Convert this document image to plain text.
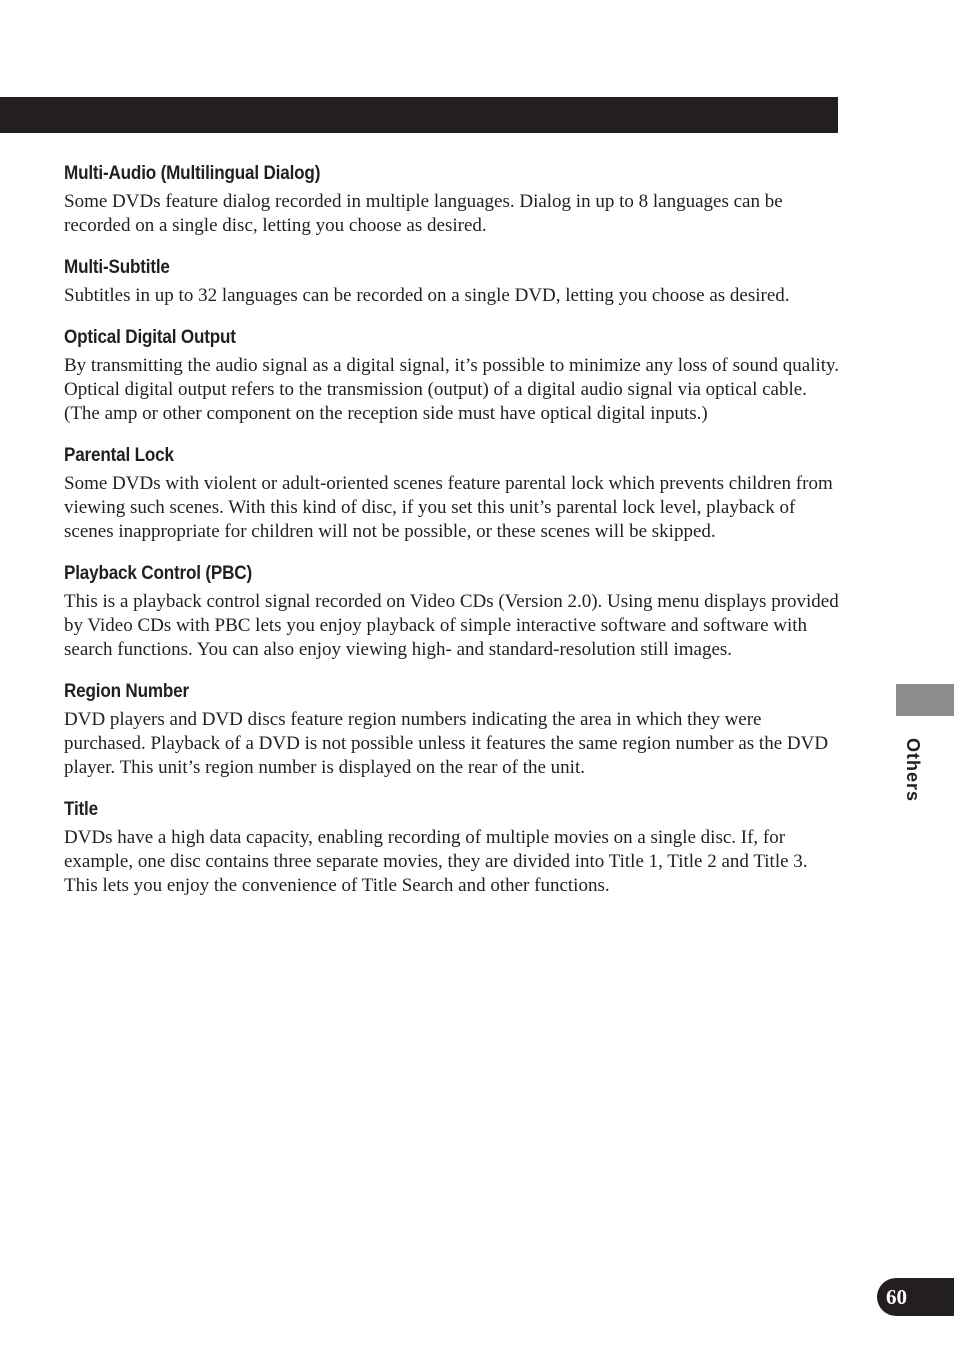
Multi-Audio (Multilingual Dialog)

Some DVDs feature dialog recorded in multiple languages. Dialog in up to 8 languages can be recorded on a single disc, letting you choose as desired.

Multi-Subtitle

Subtitles in up to 32 languages can be recorded on a single DVD, letting you choose as desired.

Optical Digital Output

By transmitting the audio signal as a digital signal, it’s possible to minimize any loss of sound quality. Optical digital output refers to the transmission (output) of a digital audio signal via optical cable. (The amp or other component on the reception side must have optical digital inputs.)

Parental Lock

Some DVDs with violent or adult-oriented scenes feature parental lock which prevents children from viewing such scenes. With this kind of disc, if you set this unit’s parental lock level, playback of scenes inappropriate for children will not be possible, or these scenes will be skipped.

Playback Control (PBC)

This is a playback control signal recorded on Video CDs (Version 2.0). Using menu displays provided by Video CDs with PBC lets you enjoy playback of simple interactive software and software with search functions. You can also enjoy viewing high- and standard-resolution still images.

Region Number

DVD players and DVD discs feature region numbers indicating the area in which they were purchased. Playback of a DVD is not possible unless it features the same region number as the DVD player. This unit’s region number is displayed on the rear of the unit.

Title

DVDs have a high data capacity, enabling recording of multiple movies on a single disc. If, for example, one disc contains three separate movies, they are divided into Title 1, Title 2 and Title 3. This lets you enjoy the convenience of Title Search and other functions.

Others
60
